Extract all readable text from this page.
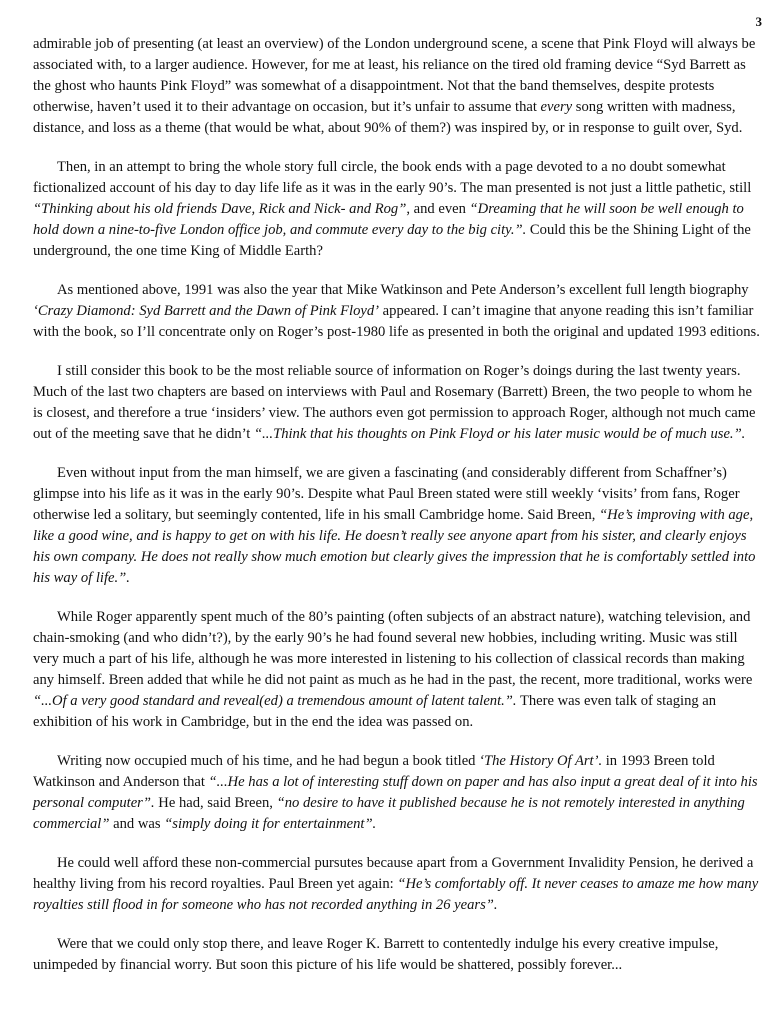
3

admirable job of presenting (at least an overview) of the London underground scene, a scene that Pink Floyd will always be associated with, to a larger audience. However, for me at least, his reliance on the tired old framing device “Syd Barrett as the ghost who haunts Pink Floyd” was somewhat of a disappointment. Not that the band themselves, despite protests otherwise, haven’t used it to their advantage on occasion, but it’s unfair to assume that every song written with madness, distance, and loss as a theme (that would be what, about 90% of them?) was inspired by, or in response to guilt over, Syd.

Then, in an attempt to bring the whole story full circle, the book ends with a page devoted to a no doubt somewhat fictionalized account of his day to day life life as it was in the early 90’s. The man presented is not just a little pathetic, still “Thinking about his old friends Dave, Rick and Nick- and Rog”, and even “Dreaming that he will soon be well enough to hold down a nine-to-five London office job, and commute every day to the big city.”. Could this be the Shining Light of the underground, the one time King of Middle Earth?

As mentioned above, 1991 was also the year that Mike Watkinson and Pete Anderson’s excellent full length biography ‘Crazy Diamond: Syd Barrett and the Dawn of Pink Floyd’ appeared. I can’t imagine that anyone reading this isn’t familiar with the book, so I’ll concentrate only on Roger’s post-1980 life as presented in both the original and updated 1993 editions.

I still consider this book to be the most reliable source of information on Roger’s doings during the last twenty years. Much of the last two chapters are based on interviews with Paul and Rosemary (Barrett) Breen, the two people to whom he is closest, and therefore a true ‘insiders’ view. The authors even got permission to approach Roger, although not much came out of the meeting save that he didn’t “...Think that his thoughts on Pink Floyd or his later music would be of much use.”.

Even without input from the man himself, we are given a fascinating (and considerably different from Schaffner’s) glimpse into his life as it was in the early 90’s. Despite what Paul Breen stated were still weekly ‘visits’ from fans, Roger otherwise led a solitary, but seemingly contented, life in his small Cambridge home. Said Breen, “He’s improving with age, like a good wine, and is happy to get on with his life. He doesn’t really see anyone apart from his sister, and clearly enjoys his own company. He does not really show much emotion but clearly gives the impression that he is comfortably settled into his way of life.”.

While Roger apparently spent much of the 80’s painting (often subjects of an abstract nature), watching television, and chain-smoking (and who didn’t?), by the early 90’s he had found several new hobbies, including writing. Music was still very much a part of his life, although he was more interested in listening to his collection of classical records than making any himself. Breen added that while he did not paint as much as he had in the past, the recent, more traditional, works were “...Of a very good standard and reveal(ed) a tremendous amount of latent talent.”. There was even talk of staging an exhibition of his work in Cambridge, but in the end the idea was passed on.

Writing now occupied much of his time, and he had begun a book titled ‘The History Of Art’. in 1993 Breen told Watkinson and Anderson that “...He has a lot of interesting stuff down on paper and has also input a great deal of it into his personal computer”. He had, said Breen, “no desire to have it published because he is not remotely interested in anything commercial” and was “simply doing it for entertainment”.

He could well afford these non-commercial pursutes because apart from a Government Invalidity Pension, he derived a healthy living from his record royalties. Paul Breen yet again: “He’s comfortably off. It never ceases to amaze me how many royalties still flood in for someone who has not recorded anything in 26 years”.

Were that we could only stop there, and leave Roger K. Barrett to contentedly indulge his every creative impulse, unimpeded by financial worry. But soon this picture of his life would be shattered, possibly forever...
